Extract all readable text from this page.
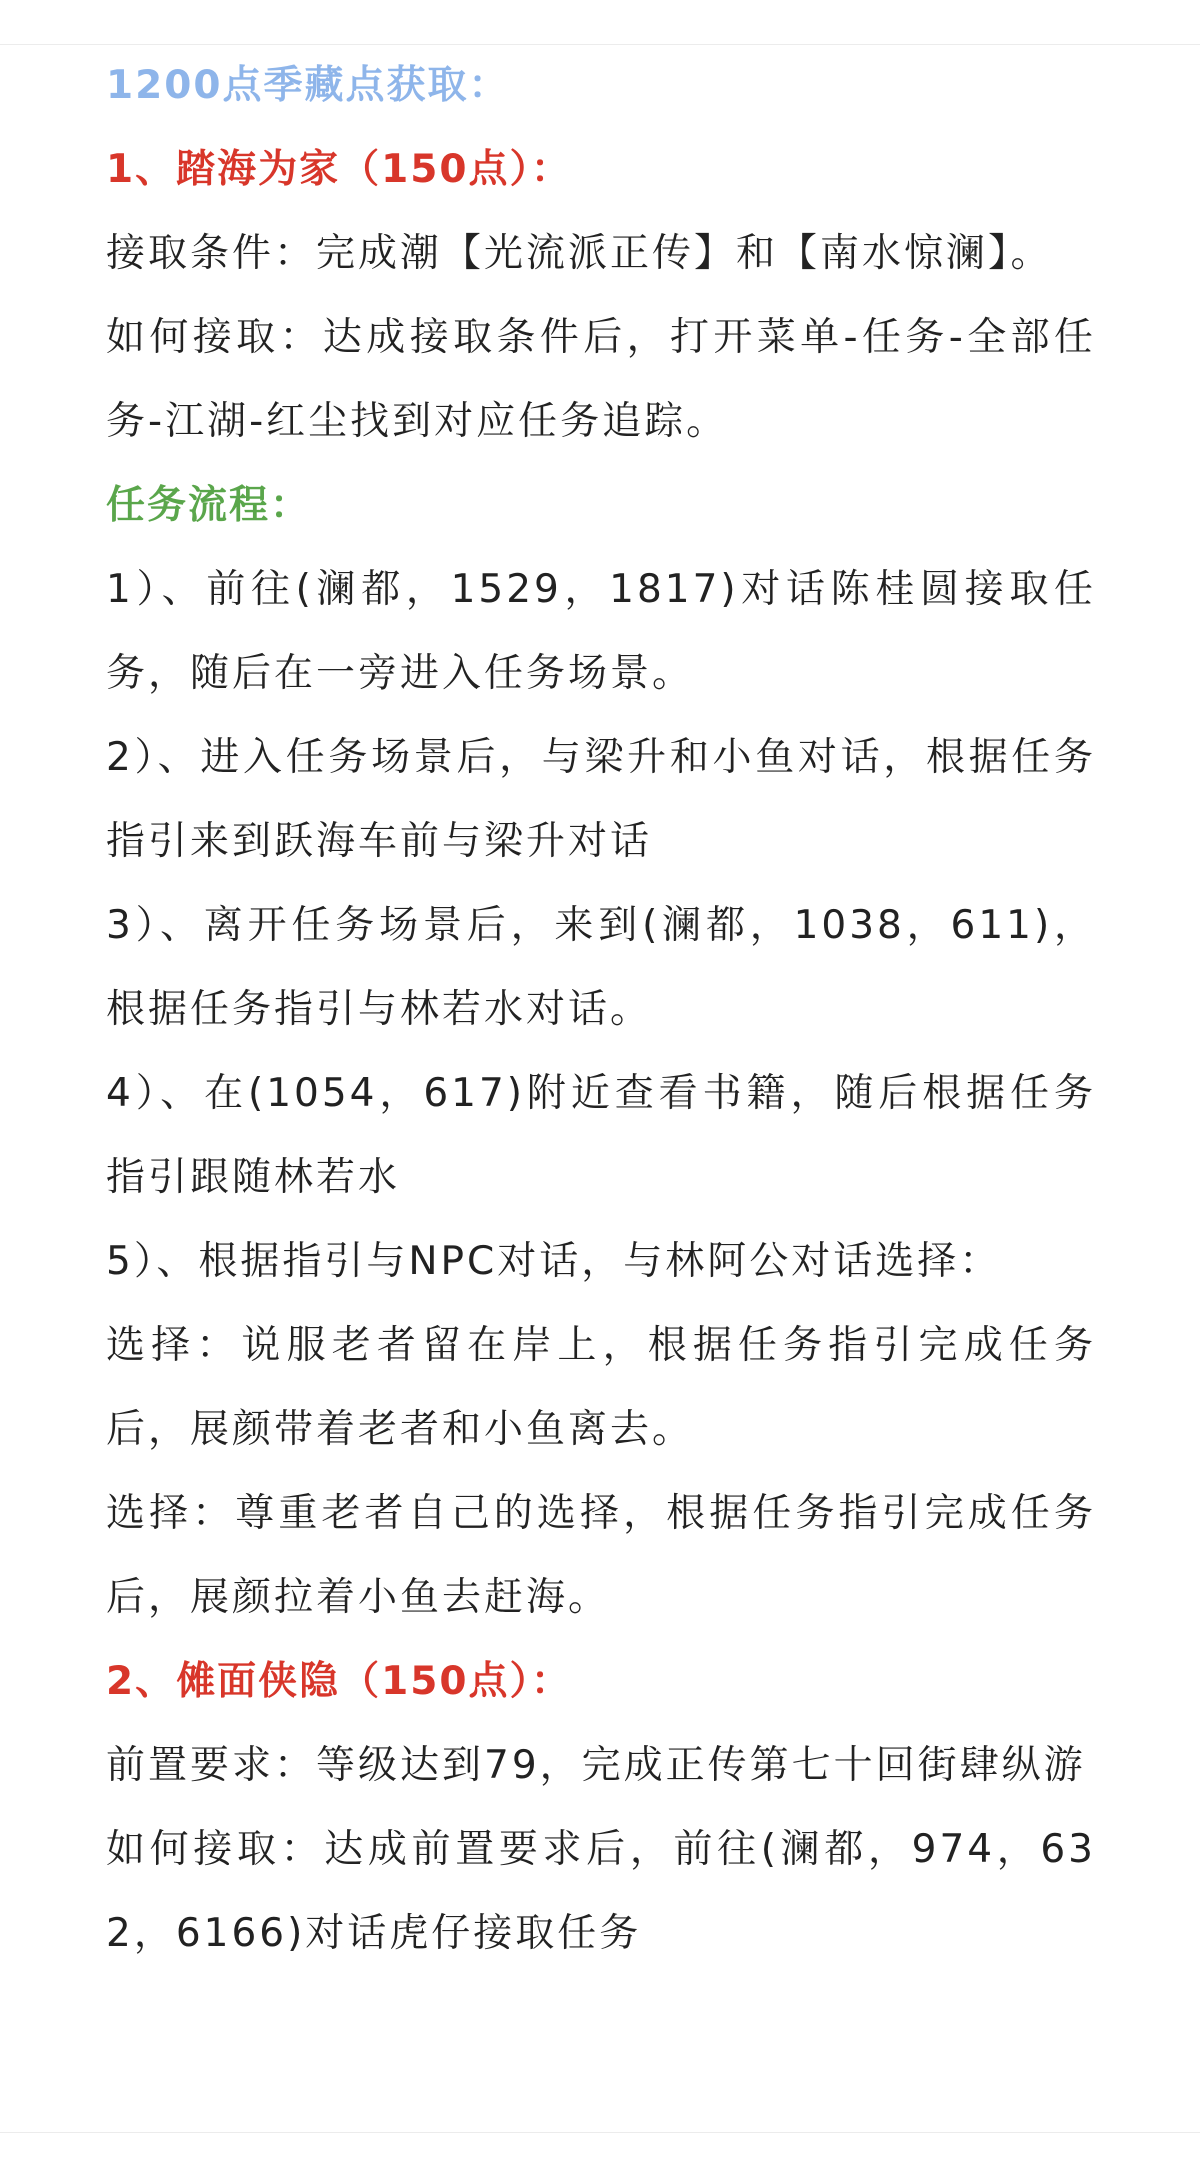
1200点季藏点获取：

1、踏海为家（150点）：

接取条件：完成潮【光流派正传】和【南水惊澜】。

如何接取：达成接取条件后，打开菜单-任务-全部任务-江湖-红尘找到对应任务追踪。

任务流程：

1）、前往(澜都，1529，1817)对话陈桂圆接取任务，随后在一旁进入任务场景。

2）、进入任务场景后，与梁升和小鱼对话，根据任务指引来到跃海车前与梁升对话

3）、离开任务场景后，来到(澜都，1038，611)，根据任务指引与林若水对话。

4）、在(1054，617)附近查看书籍，随后根据任务指引跟随林若水

5）、根据指引与NPC对话，与林阿公对话选择：

选择：说服老者留在岸上，根据任务指引完成任务后，展颜带着老者和小鱼离去。

选择：尊重老者自己的选择，根据任务指引完成任务后，展颜拉着小鱼去赶海。

2、傩面侠隐（150点）：

前置要求：等级达到79，完成正传第七十回街肆纵游

如何接取：达成前置要求后，前往(澜都，974，632，6166)对话虎仔接取任务
